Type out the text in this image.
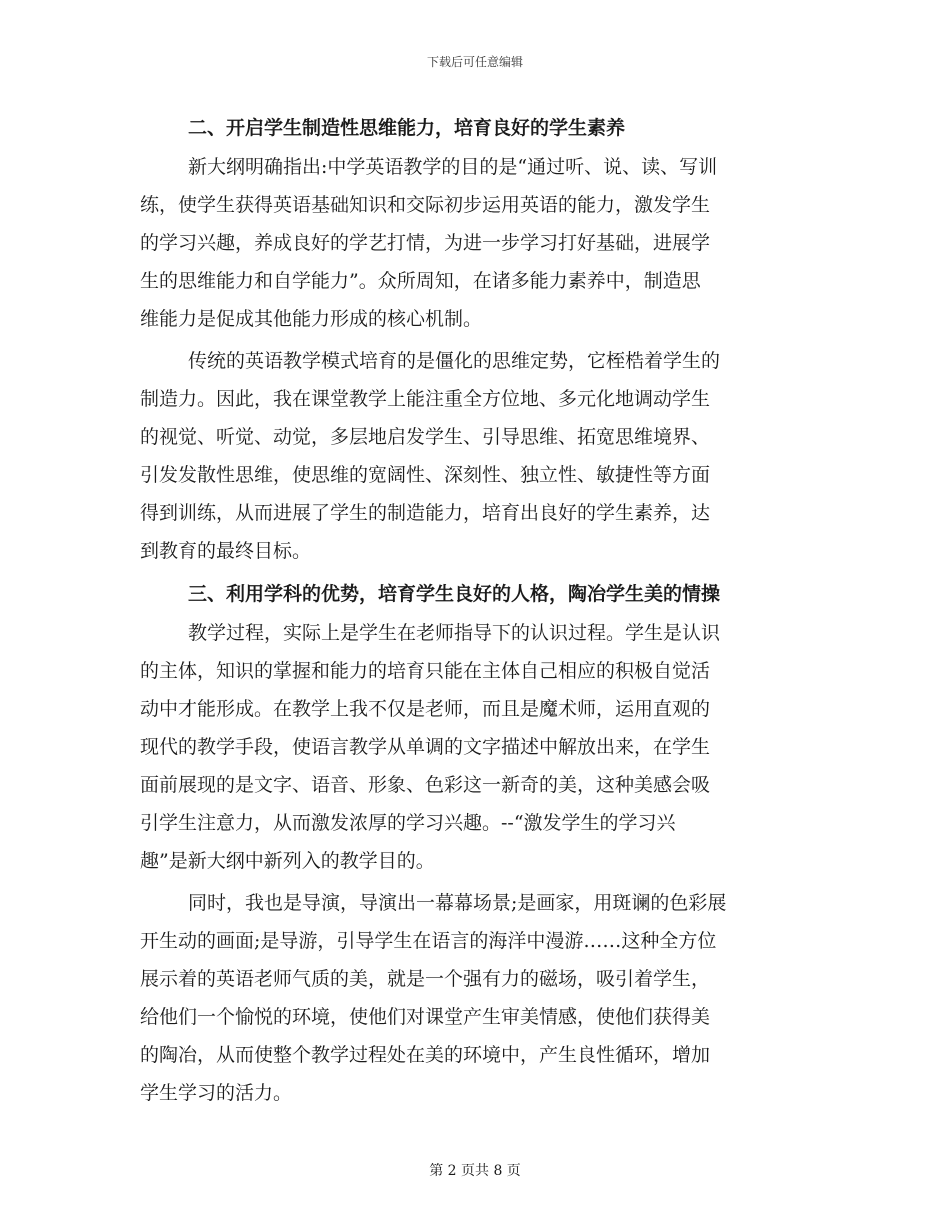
下载后可任意编辑
二、开启学生制造性思维能力，培育良好的学生素养
新大纲明确指出:中学英语教学的目的是“通过听、说、读、写训
练，使学生获得英语基础知识和交际初步运用英语的能力，激发学生
的学习兴趣，养成良好的学艺打情，为进一步学习打好基础，进展学
生的思维能力和自学能力”。众所周知，在诸多能力素养中，制造思
维能力是促成其他能力形成的核心机制。
传统的英语教学模式培育的是僵化的思维定势，它桎梏着学生的
制造力。因此，我在课堂教学上能注重全方位地、多元化地调动学生
的视觉、听觉、动觉，多层地启发学生、引导思维、拓宽思维境界、
引发发散性思维，使思维的宽阔性、深刻性、独立性、敏捷性等方面
得到训练，从而进展了学生的制造能力，培育出良好的学生素养，达
到教育的最终目标。
三、利用学科的优势，培育学生良好的人格，陶冶学生美的情操
教学过程，实际上是学生在老师指导下的认识过程。学生是认识
的主体，知识的掌握和能力的培育只能在主体自己相应的积极自觉活
动中才能形成。在教学上我不仅是老师，而且是魔术师，运用直观的
现代的教学手段，使语言教学从单调的文字描述中解放出来，在学生
面前展现的是文字、语音、形象、色彩这一新奇的美，这种美感会吸
引学生注意力，从而激发浓厚的学习兴趣。--“激发学生的学习兴
趣”是新大纲中新列入的教学目的。
同时，我也是导演，导演出一幕幕场景;是画家，用斑谰的色彩展
开生动的画面;是导游，引导学生在语言的海洋中漫游……这种全方位
展示着的英语老师气质的美，就是一个强有力的磁场，吸引着学生，
给他们一个愉悦的环境，使他们对课堂产生审美情感，使他们获得美
的陶冶，从而使整个教学过程处在美的环境中，产生良性循环，增加
学生学习的活力。
第 2 页共 8 页
